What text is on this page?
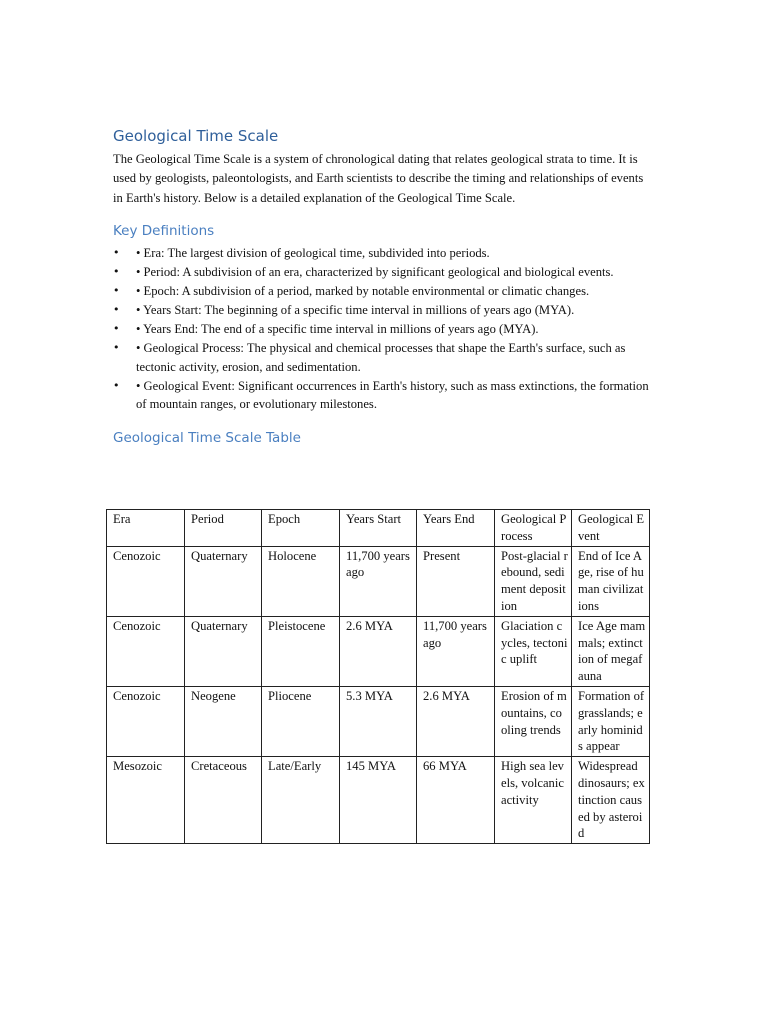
Geological Time Scale

The Geological Time Scale is a system of chronological dating that relates geological strata to time. It is used by geologists, paleontologists, and Earth scientists to describe the timing and relationships of events in Earth's history. Below is a detailed explanation of the Geological Time Scale.

Key Definitions
• • Era: The largest division of geological time, subdivided into periods.
• • Period: A subdivision of an era, characterized by significant geological and biological events.
• • Epoch: A subdivision of a period, marked by notable environmental or climatic changes.
• • Years Start: The beginning of a specific time interval in millions of years ago (MYA).
• • Years End: The end of a specific time interval in millions of years ago (MYA).
• • Geological Process: The physical and chemical processes that shape the Earth's surface, such as tectonic activity, erosion, and sedimentation.
• • Geological Event: Significant occurrences in Earth's history, such as mass extinctions, the formation of mountain ranges, or evolutionary milestones.
Geological Time Scale Table
Era	Period	Epoch	Years Start	Years End	Geological Process	Geological Event
Cenozoic	Quaternary	Holocene	11,700 years ago	Present	Post-glacial rebound, sediment deposition	End of Ice Age, rise of human civilizations
Cenozoic	Quaternary	Pleistocene	2.6 MYA	11,700 years ago	Glaciation cycles, tectonic uplift	Ice Age mammals; extinction of megafauna
Cenozoic	Neogene	Pliocene	5.3 MYA	2.6 MYA	Erosion of mountains, cooling trends	Formation of grasslands; early hominids appear
Mesozoic	Cretaceous	Late/Early	145 MYA	66 MYA	High sea levels, volcanic activity	Widespread dinosaurs; extinction caused by asteroid
